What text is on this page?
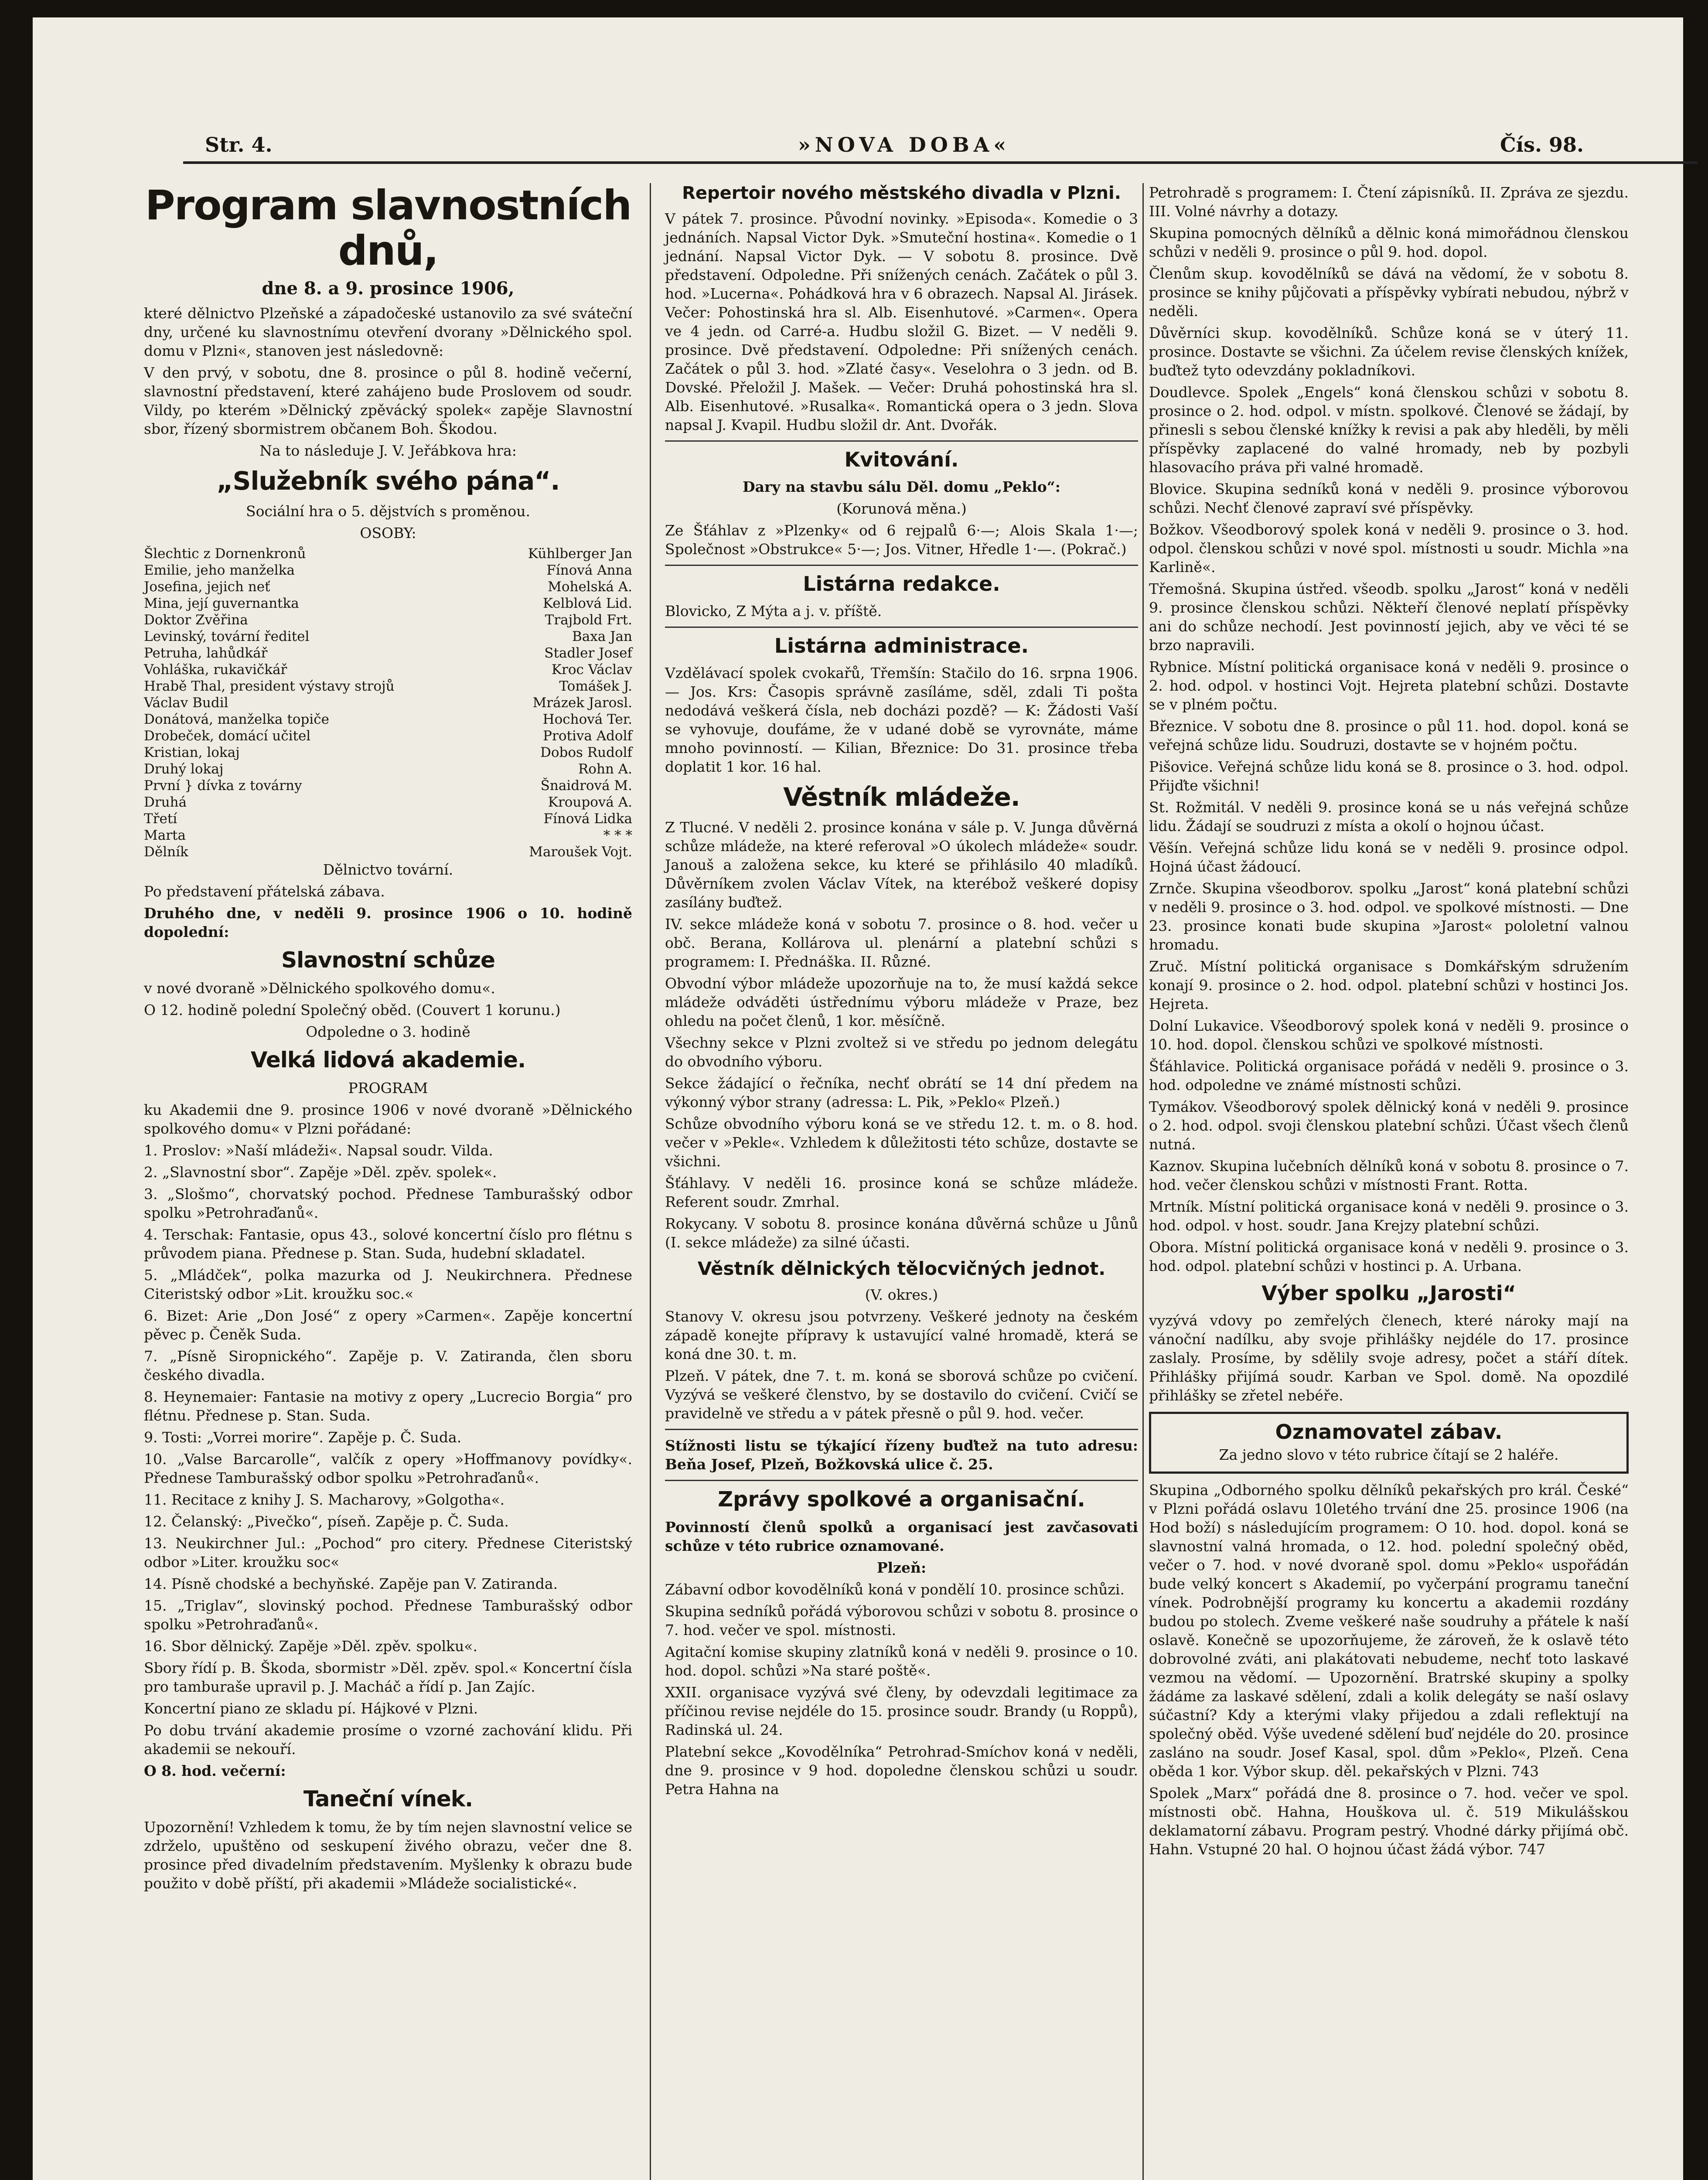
Str. 4.	»NOVA DOBA«	Čís. 98.
Program slavnostních dnů,
dne 8. a 9. prosince 1906,

které dělnictvo Plzeňské a západočeské ustanovilo za své sváteční dny, určené ku slavnostnímu otevření dvorany »Dělnického spol. domu v Plzni«, stanoven jest následovně:

V den prvý, v sobotu, dne 8. prosince o půl 8. hodině večerní, slavnostní představení, které zahájeno bude Proslovem od soudr. Vildy, po kterém »Dělnický zpěvácký spolek« zapěje Slavnostní sbor, řízený sbormistrem občanem Boh. Škodou.

Na to následuje J. V. Jeřábkova hra:

„Služebník svého pána“.

Sociální hra o 5. dějstvích s proměnou.

OSOBY:

Šlechtic z Dornenkronů	Kühlberger Jan
Emilie, jeho manželka	Fínová Anna
Josefina, jejich neť	Mohelská A.
Mina, její guvernantka	Kelblová Lid.
Doktor Zvěřina	Trajbold Frt.
Levinský, tovární ředitel	Baxa Jan
Petruha, lahůdkář	Stadler Josef
Vohláška, rukavičkář	Kroc Václav
Hrabě Thal, president výstavy strojů	Tomášek J.
Václav Budil	Mrázek Jarosl.
Donátová, manželka topiče	Hochová Ter.
Drobeček, domácí učitel	Protiva Adolf
Kristian, lokaj	Dobos Rudolf
Druhý lokaj	Rohn A.
První } dívka z továrny	Šnaidrová M.
Druhá	Kroupová A.
Třetí	Fínová Lidka
Marta	* * *
Dělník	Maroušek Vojt.

Dělnictvo tovární.

Po představení přátelská zábava.

Druhého dne, v neděli 9. prosince 1906 o 10. hodině dopolední:

Slavnostní schůze

v nové dvoraně »Dělnického spolkového domu«.

O 12. hodině polední Společný oběd. (Couvert 1 korunu.)

Odpoledne o 3. hodině

Velká lidová akademie.

PROGRAM

ku Akademii dne 9. prosince 1906 v nové dvoraně »Dělnického spolkového domu« v Plzni pořádané:

1. Proslov: »Naší mládeži«. Napsal soudr. Vilda.

2. „Slavnostní sbor“. Zapěje »Děl. zpěv. spolek«.

3. „Slošmo“, chorvatský pochod. Přednese Tamburašský odbor spolku »Petrohraďanů«.

4. Terschak: Fantasie, opus 43., solové koncertní číslo pro flétnu s průvodem piana. Přednese p. Stan. Suda, hudební skladatel.

5. „Mládček“, polka mazurka od J. Neukirchnera. Přednese Citeristský odbor »Lit. kroužku soc.«

6. Bizet: Arie „Don José“ z opery »Carmen«. Zapěje koncertní pěvec p. Čeněk Suda.

7. „Písně Siropnického“. Zapěje p. V. Zatiranda, člen sboru českého divadla.

8. Heynemaier: Fantasie na motivy z opery „Lucrecio Borgia“ pro flétnu. Přednese p. Stan. Suda.

9. Tosti: „Vorrei morire“. Zapěje p. Č. Suda.

10. „Valse Barcarolle“, valčík z opery »Hoffmanovy povídky«. Přednese Tamburašský odbor spolku »Petrohraďanů«.

11. Recitace z knihy J. S. Macharovy, »Golgotha«.

12. Čelanský: „Pivečko“, píseň. Zapěje p. Č. Suda.

13. Neukirchner Jul.: „Pochod“ pro citery. Přednese Citeristský odbor »Liter. kroužku soc«

14. Písně chodské a bechyňské. Zapěje pan V. Zatiranda.

15. „Triglav“, slovinský pochod. Přednese Tamburašský odbor spolku »Petrohraďanů«.

16. Sbor dělnický. Zapěje »Děl. zpěv. spolku«.

Sbory řídí p. B. Škoda, sbormistr »Děl. zpěv. spol.« Koncertní čísla pro tamburaše upravil p. J. Macháč a řídí p. Jan Zajíc.

Koncertní piano ze skladu pí. Hájkové v Plzni.

Po dobu trvání akademie prosíme o vzorné zachování klidu. Při akademii se nekouří.

O 8. hod. večerní:

Taneční vínek.

Upozornění! Vzhledem k tomu, že by tím nejen slavnostní velice se zdrželo, upuštěno od seskupení živého obrazu, večer dne 8. prosince před divadelním představením. Myšlenky k obrazu bude použito v době příští, při akademii »Mládeže socialistické«.

Repertoir nového městského divadla v Plzni.

V pátek 7. prosince. Původní novinky. »Episoda«. Komedie o 3 jednáních. Napsal Victor Dyk. »Smuteční hostina«. Komedie o 1 jednání. Napsal Victor Dyk. — V sobotu 8. prosince. Dvě představení. Odpoledne. Při snížených cenách. Začátek o půl 3. hod. »Lucerna«. Pohádková hra v 6 obrazech. Napsal Al. Jirásek. Večer: Pohostinská hra sl. Alb. Eisenhutové. »Carmen«. Opera ve 4 jedn. od Carré-a. Hudbu složil G. Bizet. — V neděli 9. prosince. Dvě představení. Odpoledne: Při snížených cenách. Začátek o půl 3. hod. »Zlaté časy«. Veselohra o 3 jedn. od B. Dovské. Přeložil J. Mašek. — Večer: Druhá pohostinská hra sl. Alb. Eisenhutové. »Rusalka«. Romantická opera o 3 jedn. Slova napsal J. Kvapil. Hudbu složil dr. Ant. Dvořák.

Kvitování.

Dary na stavbu sálu Děl. domu „Peklo“:

(Korunová měna.)

Ze Šťáhlav z »Plzenky« od 6 rejpalů 6·—; Alois Skala 1·—; Společnost »Obstrukce« 5·—; Jos. Vitner, Hředle 1·—. (Pokrač.)

Listárna redakce.

Blovicko, Z Mýta a j. v. příště.

Listárna administrace.

Vzdělávací spolek cvokařů, Třemšín: Stačilo do 16. srpna 1906. — Jos. Krs: Časopis správně zasíláme, sděl, zdali Ti pošta nedodává veškerá čísla, neb docházi pozdě? — K: Žádosti Vaší se vyhovuje, doufáme, že v udané době se vyrovnáte, máme mnoho povinností. — Kilian, Březnice: Do 31. prosince třeba doplatit 1 kor. 16 hal.

Věstník mládeže.

Z Tlucné. V neděli 2. prosince konána v sále p. V. Junga důvěrná schůze mládeže, na které referoval »O úkolech mládeže« soudr. Janouš a založena sekce, ku které se přihlásilo 40 mladíků. Důvěrníkem zvolen Václav Vítek, na kterébož veškeré dopisy zasílány buďtež.

IV. sekce mládeže koná v sobotu 7. prosince o 8. hod. večer u obč. Berana, Kollárova ul. plenární a platební schůzi s programem: I. Přednáška. II. Různé.

Obvodní výbor mládeže upozorňuje na to, že musí každá sekce mládeže odváděti ústřednímu výboru mládeže v Praze, bez ohledu na počet členů, 1 kor. měsíčně.

Všechny sekce v Plzni zvoltež si ve středu po jednom delegátu do obvodního výboru.

Sekce žádající o řečníka, nechť obrátí se 14 dní předem na výkonný výbor strany (adressa: L. Pik, »Peklo« Plzeň.)

Schůze obvodního výboru koná se ve středu 12. t. m. o 8. hod. večer v »Pekle«. Vzhledem k důležitosti této schůze, dostavte se všichni.

Šťáhlavy. V neděli 16. prosince koná se schůze mládeže. Referent soudr. Zmrhal.

Rokycany. V sobotu 8. prosince konána důvěrná schůze u Jůnů (I. sekce mládeže) za silné účasti.

Věstník dělnických tělocvičných jednot.

(V. okres.)

Stanovy V. okresu jsou potvrzeny. Veškeré jednoty na českém západě konejte přípravy k ustavující valné hromadě, která se koná dne 30. t. m.

Plzeň. V pátek, dne 7. t. m. koná se sborová schůze po cvičení. Vyzývá se veškeré členstvo, by se dostavilo do cvičení. Cvičí se pravidelně ve středu a v pátek přesně o půl 9. hod. večer.

Stížnosti listu se týkající řízeny buďtež na tuto adresu: Beňa Josef, Plzeň, Božkovská ulice č. 25.

Zprávy spolkové a organisační.

Povinností členů spolků a organisací jest zavčasovati schůze v této rubrice oznamované.

Plzeň:

Zábavní odbor kovodělníků koná v pondělí 10. prosince schůzi.

Skupina sedníků pořádá výborovou schůzi v sobotu 8. prosince o 7. hod. večer ve spol. místnosti.

Agitační komise skupiny zlatníků koná v neděli 9. prosince o 10. hod. dopol. schůzi »Na staré poště«.

XXII. organisace vyzývá své členy, by odevzdali legitimace za příčinou revise nejdéle do 15. prosince soudr. Brandy (u Roppů), Radinská ul. 24.

Platební sekce „Kovodělníka“ Petrohrad-Smíchov koná v neděli, dne 9. prosince v 9 hod. dopoledne členskou schůzi u soudr. Petra Hahna na

Petrohradě s programem: I. Čtení zápisníků. II. Zpráva ze sjezdu. III. Volné návrhy a dotazy.

Skupina pomocných dělníků a dělnic koná mimořádnou členskou schůzi v neděli 9. prosince o půl 9. hod. dopol.

Členům skup. kovodělníků se dává na vědomí, že v sobotu 8. prosince se knihy půjčovati a příspěvky vybírati nebudou, nýbrž v neděli.

Důvěrníci skup. kovodělníků. Schůze koná se v úterý 11. prosince. Dostavte se všichni. Za účelem revise členských knížek, buďtež tyto odevzdány pokladníkovi.

Doudlevce. Spolek „Engels“ koná členskou schůzi v sobotu 8. prosince o 2. hod. odpol. v místn. spolkové. Členové se žádají, by přinesli s sebou členské knížky k revisi a pak aby hleděli, by měli příspěvky zaplacené do valné hromady, neb by pozbyli hlasovacího práva při valné hromadě.

Blovice. Skupina sedníků koná v neděli 9. prosince výborovou schůzi. Nechť členové zapraví své příspěvky.

Božkov. Všeodborový spolek koná v neděli 9. prosince o 3. hod. odpol. členskou schůzi v nové spol. místnosti u soudr. Michla »na Karlině«.

Třemošná. Skupina ústřed. všeodb. spolku „Jarost“ koná v neděli 9. prosince členskou schůzi. Někteří členové neplatí příspěvky ani do schůze nechodí. Jest povinností jejich, aby ve věci té se brzo napravili.

Rybnice. Místní politická organisace koná v neděli 9. prosince o 2. hod. odpol. v hostinci Vojt. Hejreta platební schůzi. Dostavte se v plném počtu.

Březnice. V sobotu dne 8. prosince o půl 11. hod. dopol. koná se veřejná schůze lidu. Soudruzi, dostavte se v hojném počtu.

Pišovice. Veřejná schůze lidu koná se 8. prosince o 3. hod. odpol. Přijďte všichni!

St. Rožmitál. V neděli 9. prosince koná se u nás veřejná schůze lidu. Žádají se soudruzi z místa a okolí o hojnou účast.

Věšín. Veřejná schůze lidu koná se v neděli 9. prosince odpol. Hojná účast žádoucí.

Zrnče. Skupina všeodborov. spolku „Jarost“ koná platební schůzi v neděli 9. prosince o 3. hod. odpol. ve spolkové místnosti. — Dne 23. prosince konati bude skupina »Jarost« pololetní valnou hromadu.

Zruč. Místní politická organisace s Domkářským sdružením konají 9. prosince o 2. hod. odpol. platební schůzi v hostinci Jos. Hejreta.

Dolní Lukavice. Všeodborový spolek koná v neděli 9. prosince o 10. hod. dopol. členskou schůzi ve spolkové místnosti.

Šťáhlavice. Politická organisace pořádá v neděli 9. prosince o 3. hod. odpoledne ve známé místnosti schůzi.

Tymákov. Všeodborový spolek dělnický koná v neděli 9. prosince o 2. hod. odpol. svoji členskou platební schůzi. Účast všech členů nutná.

Kaznov. Skupina lučebních dělníků koná v sobotu 8. prosince o 7. hod. večer členskou schůzi v místnosti Frant. Rotta.

Mrtník. Místní politická organisace koná v neděli 9. prosince o 3. hod. odpol. v host. soudr. Jana Krejzy platební schůzi.

Obora. Místní politická organisace koná v neděli 9. prosince o 3. hod. odpol. platební schůzi v hostinci p. A. Urbana.

Výber spolku „Jarosti“

vyzývá vdovy po zemřelých členech, které nároky mají na vánoční nadílku, aby svoje přihlášky nejdéle do 17. prosince zaslaly. Prosíme, by sdělily svoje adresy, počet a stáří dítek. Přihlášky přijímá soudr. Karban ve Spol. domě. Na opozdilé přihlášky se zřetel nebéře.

Oznamovatel zábav.

Za jedno slovo v této rubrice čítají se 2 haléře.

Skupina „Odborného spolku dělníků pekařských pro král. České“ v Plzni pořádá oslavu 10letého trvání dne 25. prosince 1906 (na Hod boží) s následujícím programem: O 10. hod. dopol. koná se slavnostní valná hromada, o 12. hod. polední společný oběd, večer o 7. hod. v nové dvoraně spol. domu »Peklo« uspořádán bude velký koncert s Akademií, po vyčerpání programu taneční vínek. Podrobnější programy ku koncertu a akademii rozdány budou po stolech. Zveme veškeré naše soudruhy a přátele k naší oslavě. Konečně se upozorňujeme, že zároveň, že k oslavě této dobrovolné zváti, ani plakátovati nebudeme, nechť toto laskavé vezmou na vědomí. — Upozornění. Bratrské skupiny a spolky žádáme za laskavé sdělení, zdali a kolik delegáty se naší oslavy súčastní? Kdy a kterými vlaky přijedou a zdali reflektují na společný oběd. Výše uvedené sdělení buď nejdéle do 20. prosince zasláno na soudr. Josef Kasal, spol. dům »Peklo«, Plzeň. Cena oběda 1 kor. Výbor skup. děl. pekařských v Plzni. 743

Spolek „Marx“ pořádá dne 8. prosince o 7. hod. večer ve spol. místnosti obč. Hahna, Houškova ul. č. 519 Mikulášskou deklamatorní zábavu. Program pestrý. Vhodné dárky přijímá obč. Hahn. Vstupné 20 hal. O hojnou účast žádá výbor. 747
